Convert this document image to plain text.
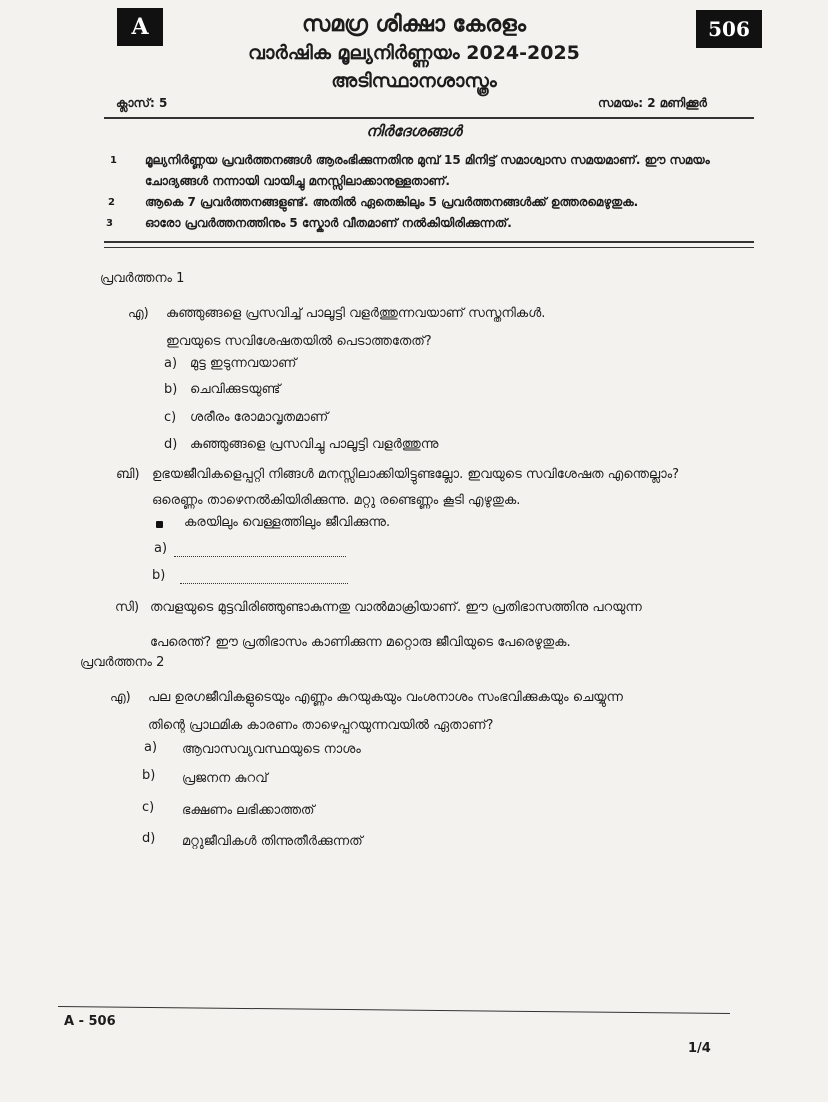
A	506
സമഗ്ര ശിക്ഷാ കേരളം
വാർഷിക മൂല്യനിർണ്ണയം 2024-2025
അടിസ്ഥാനശാസ്ത്രം
ക്ലാസ്: 5	സമയം: 2 മണിക്കൂർ
നിർദേശങ്ങൾ
1 മൂല്യനിർണ്ണയ പ്രവർത്തനങ്ങൾ ആരംഭിക്കുന്നതിനു മുമ്പ് 15 മിനിട്ട് സമാശ്വാസ സമയമാണ്. ഈ സമയം ചോദ്യങ്ങൾ നന്നായി വായിച്ചു മനസ്സിലാക്കാനുള്ളതാണ്.
2	ആകെ 7 പ്രവർത്തനങ്ങളുണ്ട്. അതിൽ ഏതെങ്കിലും 5 പ്രവർത്തനങ്ങൾക്ക് ഉത്തരമെഴുതുക.
3	ഓരോ പ്രവർത്തനത്തിനും 5 സ്കോർ വീതമാണ് നൽകിയിരിക്കുന്നത്.
പ്രവർത്തനം 1
എ) കുഞ്ഞുങ്ങളെ പ്രസവിച്ച് പാലൂട്ടി വളർത്തുന്നവയാണ് സസ്തനികൾ.
ഇവയുടെ സവിശേഷതയിൽ പെടാത്തതേത്?
a) മുട്ട ഇടുന്നവയാണ്
b) ചെവിക്കുടയുണ്ട്
c) ശരീരം രോമാവൃതമാണ്
d) കുഞ്ഞുങ്ങളെ പ്രസവിച്ചു പാലൂട്ടി വളർത്തുന്നു
ബി) ഉഭയജീവികളെപ്പറ്റി നിങ്ങൾ മനസ്സിലാക്കിയിട്ടുണ്ടല്ലോ. ഇവയുടെ സവിശേഷത എന്തെല്ലാം?
ഒരെണ്ണം താഴെനൽകിയിരിക്കുന്നു. മറ്റു രണ്ടെണ്ണം കൂടി എഴുതുക.
കരയിലും വെള്ളത്തിലും ജീവിക്കുന്നു.
a)
b)
സി) തവളയുടെ മുട്ടവിരിഞ്ഞുണ്ടാകുന്നതു വാൽമാക്രിയാണ്. ഈ പ്രതിഭാസത്തിനു പറയുന്ന
പേരെന്ത്? ഈ പ്രതിഭാസം കാണിക്കുന്ന മറ്റൊരു ജീവിയുടെ പേരെഴുതുക.
പ്രവർത്തനം 2
എ) പല ഉരഗജീവികളുടെയും എണ്ണം കുറയുകയും വംശനാശം സംഭവിക്കുകയും ചെയ്യുന്ന
തിന്റെ പ്രാഥമിക കാരണം താഴെപ്പറയുന്നവയിൽ ഏതാണ്?
a) ആവാസവ്യവസ്ഥയുടെ നാശം
b) പ്രജനന കുറവ്
c) ഭക്ഷണം ലഭിക്കാത്തത്
d) മറ്റുജീവികൾ തിന്നുതീർക്കുന്നത്
A - 506
1/4
